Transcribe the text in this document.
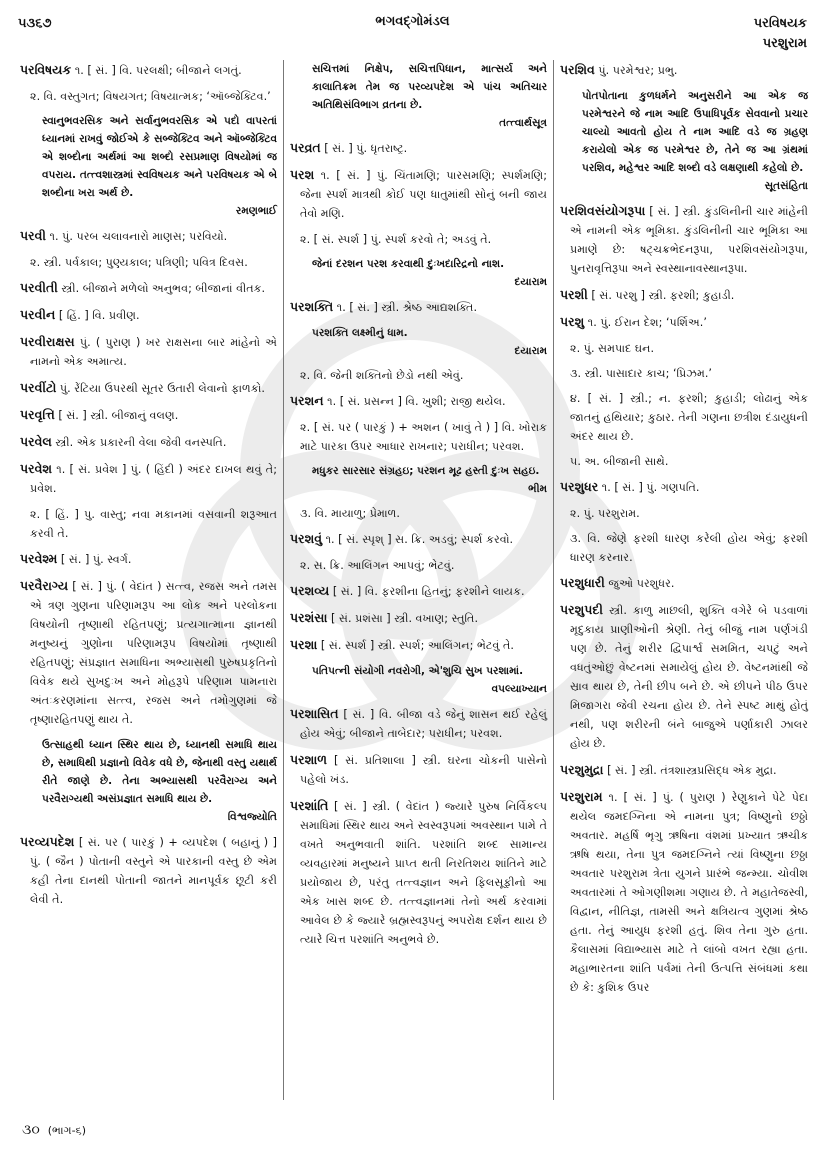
૫૩૬૭	ભગવદ્ગોમંડલ	પરવિષયક
પરશુરામ
પરવિષયક ૧. [ સં. ] વિ. પરલક્ષી; બીજાને લગતું.
૨. વિ. વસ્તુગત; વિષયગત; વિષયાત્મક; ‘ઑબ્જેક્ટિવ.’
સ્વાનુભવરસિક અને સર્વાનુભવરસિક એ પદો વાપરતાં ધ્યાનમાં રાખવું જોઈએ કે સબ્જેક્ટિવ અને ઑબ્જેક્ટિવ એ શબ્દોના અર્થમાં આ શબ્દો રસપ્રમાણ વિષયોમાં જ વપરાય. તત્ત્વશાસ્ત્રમાં સ્વવિષયક અને પરવિષયક એ બે શબ્દોના ખરા અર્થ છે.
રમણભાઈ
પરવી ૧. પું. પરબ ચલાવનારો માણસ; પરવિયો.
૨. સ્ત્રી. પર્વકાલ; પુણ્યકાલ; પત્રિણી; પવિત્ર દિવસ.
પરવીતી સ્ત્રી. બીજાને મળેલો અનુભવ; બીજાનાં વીતક.
પરવીન [ હિં. ] વિ. પ્રવીણ.
પરવીરાક્ષસ પું. ( પુરાણ ) ખર રાક્ષસના બાર માંહેનો એ નામનો એક અમાત્ય.
પરવીંટો પું. રેંટિયા ઉપરથી સૂતર ઉતારી લેવાનો ફાળકો.
પરવૃત્તિ [ સં. ] સ્ત્રી. બીજાનું વલણ.
પરવેલ સ્ત્રી. એક પ્રકારની વેલા જેવી વનસ્પતિ.
પરવેશ ૧. [ સં. પ્રવેશ ] પું. ( હિંદી ) અંદર દાખલ થવું તે; પ્રવેશ.
૨. [ હિં. ] પુ. વાસ્તુ; નવા મકાનમાં વસવાની શરૂઆત કરવી તે.
પરવેશ્મ [ સં. ] પું. સ્વર્ગ.
પરવૈરાગ્ય [ સં. ] પું. ( વેદાંત ) સત્ત્વ, રજસ અને તમસ એ ત્રણ ગુણના પરિણામરૂપ આ લોક અને પરલોકના વિષયોની તૃષ્ણાથી રહિતપણું; પ્રત્યગાત્માના જ્ઞાનથી મનુષ્યનું ગુણોના પરિણામરૂપ વિષયોમાં તૃષ્ણાથી રહિતપણું; સંપ્રજ્ઞાત સમાધિના અભ્યાસથી પુરુષપ્રકૃતિનો વિવેક થયે સુખદુઃખ અને મોહરૂપે પરિણામ પામનારા અંતઃકરણમાંના સત્ત્વ, રજસ અને તમોગુણમાં જે તૃષ્ણારહિતપણું થાય તે.
ઉત્સાહથી ધ્યાન સ્થિર થાય છે, ધ્યાનથી સમાધિ થાય છે, સમાધિથી પ્રજ્ઞાનો વિવેક વધે છે, જેનાથી વસ્તુ યથાર્થ રીતે જાણે છે. તેના અભ્યાસથી પરવૈરાગ્ય અને પરવૈરાગ્યથી અસંપ્રજ્ઞાત સમાધિ થાય છે.
વિશ્વજ્યોતિ
પરવ્યપદેશ [ સં. પર ( પારકું ) + વ્યપદેશ ( બહાનું ) ] પું. ( જૈન ) પોતાની વસ્તુને એ પારકાની વસ્તુ છે એમ કહી તેના દાનથી પોતાની જાતને માનપૂર્વક છૂટી કરી લેવી તે.
સચિત્તમાં નિક્ષેપ, સચિત્તપિધાન, માત્સર્ય અને કાલાતિક્રમ તેમ જ પરવ્યપદેશ એ પાંચ અતિચાર અતિથિસંવિભાગ વ્રતના છે.
તત્ત્વાર્થસૂત્ર
પરવ્રત [ સં. ] પું. ધૃતરાષ્ટ્ર.
પરશ ૧. [ સં. ] પું. ચિંતામણિ; પારસમણિ; સ્પર્શમણિ; જેના સ્પર્શ માત્રથી કોઈ પણ ધાતુમાંથી સોનું બની જાય તેવો મણિ.
૨. [ સં. સ્પર્શ ] પું. સ્પર્શ કરવો તે; અડવું તે.
જેનાં દરશન પરશ કરવાથી દુઃખદારિદ્રનો નાશ.
દયારામ
પરશક્તિ ૧. [ સં. ] સ્ત્રી. શ્રેષ્ઠ આદ્યશક્તિ.
પરશક્તિ લક્ષ્મીનું ધામ.
દયારામ
૨. વિ. જેની શક્તિનો છેડો નથી એવું.
પરશન ૧. [ સં. પ્રસન્ન ] વિ. ખુશી; રાજી થયેલ.
૨. [ સં. પર ( પારકું ) + અશન ( ખાવું તે ) ] વિ. ખોરાક માટે પારકા ઉપર આધાર રાખનાર; પરાધીન; પરવશ.
મધુકર સારસાર સંગ્રહઇ; પરશન મૂઢ હસ્તી દુઃખ સહઇ.
ભીમ
૩. વિ. માયાળુ; પ્રેમાળ.
પરશવું ૧. [ સં. સ્પૃશ્ ] સ. ક્રિ. અડવું; સ્પર્શ કરવો.
૨. સ. ક્રિ. આલિંગન આપવું; ભેટવું.
પરશવ્ય [ સં. ] વિ. ફરશીના હિતનું; ફરશીને લાયક.
પરશંસા [ સં. પ્રશંસા ] સ્ત્રી. વખાણ; સ્તુતિ.
પરશા [ સં. સ્પર્શ ] સ્ત્રી. સ્પર્શ; આલિંગન; ભેટવું તે.
પતિપત્ની સંયોગી નવરોગી, એ'શુચિ સુખ પરશામાં.
વપલ્યાખ્યાન
પરશાસિત [ સં. ] વિ. બીજા વડે જેનું શાસન થઈ રહેલું હોય એવું; બીજાને તાબેદાર; પરાધીન; પરવશ.
પરશાળ [ સં. પ્રતિશાલા ] સ્ત્રી. ઘરના ચોકની પાસેનો પહેલો ખંડ.
પરશાંતિ [ સં. ] સ્ત્રી. ( વેદાંત ) જ્યારે પુરુષ નિર્વિકલ્પ સમાધિમાં સ્થિર થાય અને સ્વસ્વરૂપમાં અવસ્થાન પામે તે વખતે અનુભવાતી શાંતિ. પરશાંતિ શબ્દ સામાન્ય વ્યવહારમાં મનુષ્યને પ્રાપ્ત થતી નિરતિશય શાંતિને માટે પ્રયોજાય છે, પરંતુ તત્ત્વજ્ઞાન અને ફિલસૂફીનો આ એક ખાસ શબ્દ છે. તત્ત્વજ્ઞાનમાં તેનો અર્થ કરવામાં આવેલ છે કે જ્યારે બ્રહ્મસ્વરૂપનું અપરોક્ષ દર્શન થાય છે ત્યારે ચિત્ત પરશાંતિ અનુભવે છે.
પરશિવ પું. પરમેશ્વર; પ્રભુ.
પોતપોતાના કુળધર્મને અનુસરીને આ એક જ પરમેશ્વરને જે નામ આદિ ઉપાધિપૂર્વક સેવવાનો પ્રચાર ચાલ્યો આવતો હોય તે નામ આદિ વડે જ ગ્રહણ કરાયેલો એક જ પરમેશ્વર છે, તેને જ આ ગ્રંથમાં પરશિવ, મહેશ્વર આદિ શબ્દો વડે લક્ષણાથી કહેલો છે.
સૂતસંહિતા
પરશિવસંયોગરૂપા [ સં. ] સ્ત્રી. કુંડલિનીની ચાર માંહેની એ નામની એક ભૂમિકા. કુંડલિનીની ચાર ભૂમિકા આ પ્રમાણે છે: ષટ્ચક્રભેદનરૂપા, પરશિવસંયોગરૂપા, પુનરાવૃત્તિરૂપા અને સ્વસ્થાનાવસ્થાનરૂપા.
પરશી [ સં. પરશુ ] સ્ત્રી. ફરશી; કુહાડી.
પરશુ ૧. પું. ઈરાન દેશ; ‘પર્શિઅ.’
૨. પું. સમપાદ ઘન.
૩. સ્ત્રી. પાસાદાર કાચ; ‘પ્રિઝમ.’
૪. [ સં. ] સ્ત્રી.; ન. ફરશી; કુહાડી; લોઢાનું એક જાતનું હથિયાર; કુઠાર. તેની ગણના છત્રીશ દંડાયુધની અંદર થાય છે.
૫. અ. બીજાની સાથે.
પરશુધર ૧. [ સં. ] પું. ગણપતિ.
૨. પું. પરશુરામ.
૩. વિ. જેણે ફરશી ધારણ કરેલી હોય એવું; ફરશી ધારણ કરનાર.
પરશુધારી જુઓ પરશુધર.
પરશુપદી સ્ત્રી. કાળુ માછલી, શુક્તિ વગેરે બે પડવાળાં મૃદુકાય પ્રાણીઓની શ્રેણી. તેનું બીજું નામ પર્ણગંડી પણ છે. તેનું શરીર દ્વિપાર્શ્વ સમમિત, ચપટું અને વધતુંઓછું વેષ્ટનમાં સમાયેલું હોય છે. વેષ્ટનમાંથી જે સ્રાવ થાય છે, તેની છીપ બને છે. એ છીપને પીઠ ઉપર મિજાગરા જેવી રચના હોય છે. તેને સ્પષ્ટ માથું હોતું નથી, પણ શરીરની બંને બાજુએ પર્ણાકારી ઝાલર હોય છે.
પરશુમુદ્રા [ સં. ] સ્ત્રી. તંત્રશાસ્ત્રપ્રસિદ્ધ એક મુદ્રા.
પરશુરામ ૧. [ સં. ] પું. ( પુરાણ ) રેણુકાને પેટે પેદા થયેલ જમદગ્નિના એ નામના પુત્ર; વિષ્ણુનો છઠ્ઠો અવતાર. મહર્ષિ ભૃગુ ઋષિના વંશમાં પ્રખ્યાત ઋચીક ઋષિ થયા, તેના પુત્ર જમદગ્નિને ત્યાં વિષ્ણુના છઠ્ઠા અવતાર પરશુરામ ત્રેતા યુગને પ્રારંભે જન્મ્યા. ચોવીશ અવતારમાં તે ઓગણીશમા ગણાય છે. તે મહાતેજસ્વી, વિદ્વાન, નીતિજ્ઞ, તામસી અને ક્ષત્રિયત્વ ગુણમાં શ્રેષ્ઠ હતા. તેનું આયુધ ફરશી હતું. શિવ તેના ગુરુ હતા. કૈલાસમાં વિદ્યાભ્યાસ માટે તે લાંબો વખત રહ્યા હતા. મહાભારતના શાંતિ પર્વમાં તેની ઉત્પત્તિ સંબંધમાં કથા છે કે: કુશિક ઉપર
૩૦ (ભાગ-૬)
